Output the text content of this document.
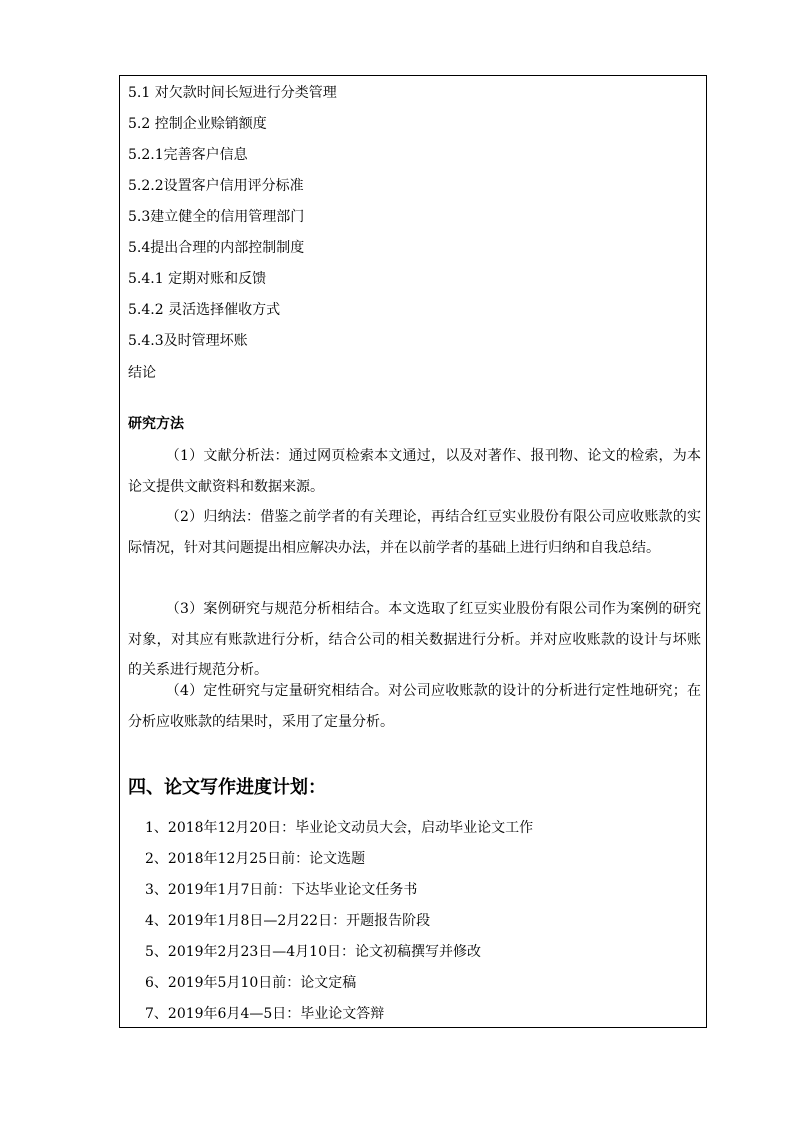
5.1 对欠款时间长短进行分类管理
5.2 控制企业赊销额度
5.2.1完善客户信息
5.2.2设置客户信用评分标准
5.3建立健全的信用管理部门
5.4提出合理的内部控制制度
5.4.1 定期对账和反馈
5.4.2 灵活选择催收方式
5.4.3及时管理坏账
结论
研究方法

（1）文献分析法：通过网页检索本文通过，以及对著作、报刊物、论文的检索，为本论文提供文献资料和数据来源。

（2）归纳法：借鉴之前学者的有关理论，再结合红豆实业股份有限公司应收账款的实际情况，针对其问题提出相应解决办法，并在以前学者的基础上进行归纳和自我总结。

（3）案例研究与规范分析相结合。本文选取了红豆实业股份有限公司作为案例的研究对象，对其应有账款进行分析，结合公司的相关数据进行分析。并对应收账款的设计与坏账的关系进行规范分析。

（4）定性研究与定量研究相结合。对公司应收账款的设计的分析进行定性地研究；在分析应收账款的结果时，采用了定量分析。

四、论文写作进度计划：
1、2018年12月20日：毕业论文动员大会，启动毕业论文工作
2、2018年12月25日前：论文选题
3、2019年1月7日前：下达毕业论文任务书
4、2019年1月8日—2月22日：开题报告阶段
5、2019年2月23日—4月10日：论文初稿撰写并修改
6、2019年5月10日前：论文定稿
7、2019年6月4—5日：毕业论文答辩
